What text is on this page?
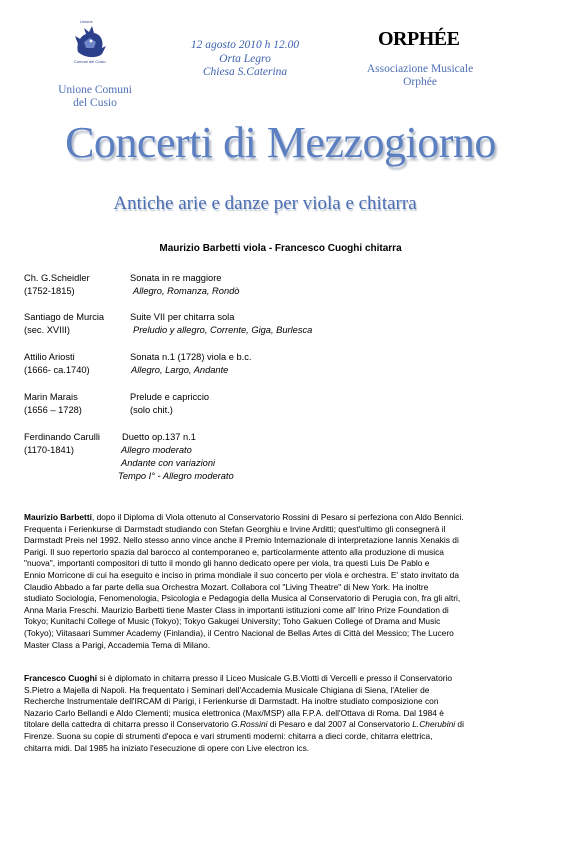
Unione
Comuni del Cusio
Unione Comuni
del Cusio
12 agosto 2010 h 12.00
Orta Legro
Chiesa S.Caterina
ORPHÉE
Associazione Musicale
Orphée
Concerti di Mezzogiorno
Antiche arie e danze per viola e chitarra
Maurizio Barbetti viola - Francesco Cuoghi chitarra
Ch. G.Scheidler	Sonata in re maggiore
(1752-1815)	Allegro, Romanza, Rondò
Santiago de Murcia	Suite VII per chitarra sola
(sec. XVIII)	Preludio y allegro, Corrente, Giga, Burlesca
Attilio Ariosti	Sonata n.1 (1728) viola e b.c.
(1666- ca.1740)	Allegro, Largo, Andante
Marin Marais	Prelude e capriccio
(1656 – 1728)	(solo chit.)
Ferdinando Carulli Duetto op.137 n.1
(1170-1841)	Allegro moderato
Andante con variazioni
Tempo I° - Allegro moderato
Maurizio Barbetti, dopo il Diploma di Viola ottenuto al Conservatorio Rossini di Pesaro si perfeziona con Aldo Bennici.
Frequenta i Ferienkurse di Darmstadt studiando con Stefan Georghiu e Irvine Arditti; quest'ultimo gli consegnerà il
Darmstadt Preis nel 1992. Nello stesso anno vince anche il Premio Internazionale di interpretazione Iannis Xenakis di
Parigi. Il suo repertorio spazia dal barocco al contemporaneo e, particolarmente attento alla produzione di musica
"nuova", importanti compositori di tutto il mondo gli hanno dedicato opere per viola, tra questi Luis De Pablo e
Ennio Morricone di cui ha eseguito e inciso in prima mondiale il suo concerto per viola e orchestra. E' stato invitato da
Claudio Abbado a far parte della sua Orchestra Mozart. Collabora col "Living Theatre" di New York. Ha inoltre
studiato Sociologia, Fenomenologia, Psicologia e Pedagogia della Musica al Conservatorio di Perugia con, fra gli altri,
Anna Maria Freschi. Maurizio Barbetti tiene Master Class in importanti istituzioni come all' Irino Prize Foundation di
Tokyo; Kunitachi College of Music (Tokyo); Tokyo Gakugei University; Toho Gakuen College of Drama and Music
(Tokyo); Viitasaari Summer Academy (Finlandia), il Centro Nacional de Bellas Artes di Città del Messico; The Lucero
Master Class a Parigi, Accademia Tema di Milano.
Francesco Cuoghi si è diplomato in chitarra presso il Liceo Musicale G.B.Viotti di Vercelli e presso il Conservatorio
S.Pietro a Majella di Napoli. Ha frequentato i Seminari dell'Accademia Musicale Chigiana di Siena, l'Atelier de
Recherche Instrumentale dell'IRCAM di Parigi, i Ferienkurse di Darmstadt. Ha inoltre studiato composizione con
Nazario Carlo Bellandi e Aldo Clementi; musica elettronica (Max/MSP) alla F.P.A. dell'Ottava di Roma. Dal 1984 è
titolare della cattedra di chitarra presso il Conservatorio G.Rossini di Pesaro e dal 2007 al Conservatorio L.Cherubini di
Firenze. Suona su copie di strumenti d'epoca e vari strumenti moderni: chitarra a dieci corde, chitarra elettrica,
chitarra midi. Dal 1985 ha iniziato l'esecuzione di opere con Live electron ics.
